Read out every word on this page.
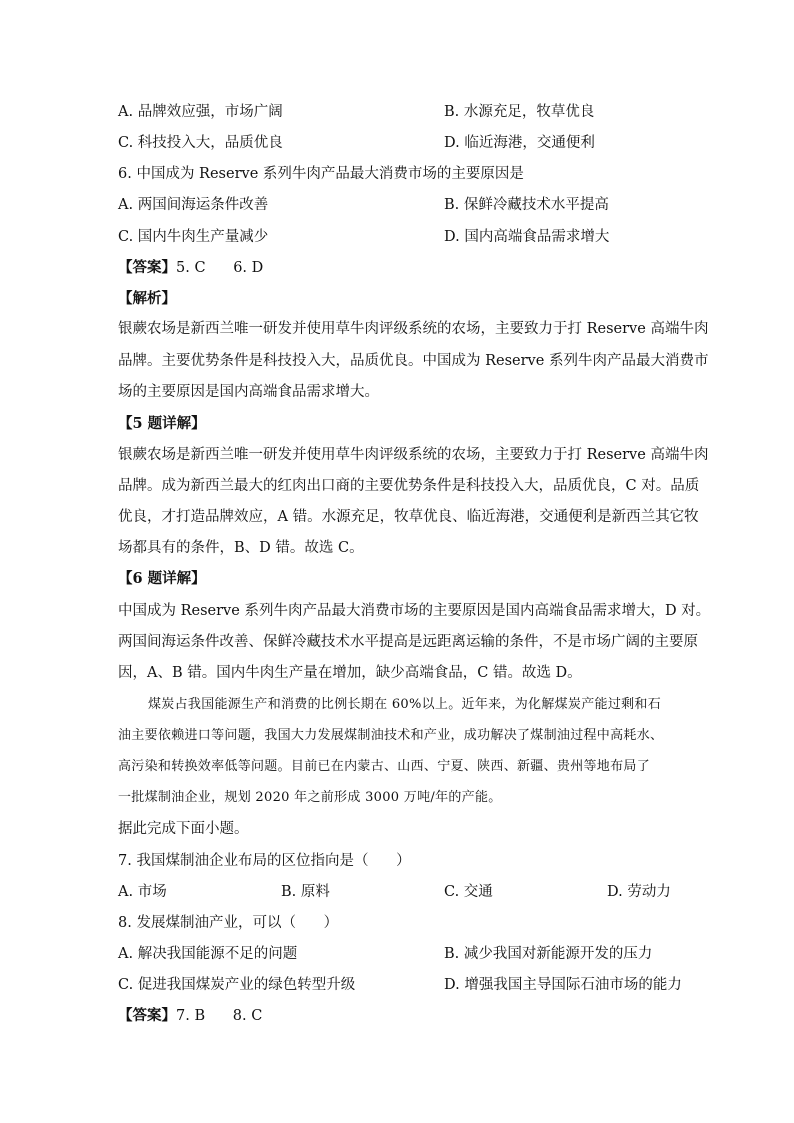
A. 品牌效应强，市场广阔	B. 水源充足，牧草优良
C. 科技投入大，品质优良	D. 临近海港，交通便利
6. 中国成为 Reserve 系列牛肉产品最大消费市场的主要原因是
A. 两国间海运条件改善	B. 保鲜冷藏技术水平提高
C. 国内牛肉生产量减少	D. 国内高端食品需求增大
【答案】5. C      6. D
【解析】
银蕨农场是新西兰唯一研发并使用草牛肉评级系统的农场，主要致力于打 Reserve 高端牛肉
品牌。主要优势条件是科技投入大，品质优良。中国成为 Reserve 系列牛肉产品最大消费市
场的主要原因是国内高端食品需求增大。
【5 题详解】
银蕨农场是新西兰唯一研发并使用草牛肉评级系统的农场，主要致力于打 Reserve 高端牛肉
品牌。成为新西兰最大的红肉出口商的主要优势条件是科技投入大，品质优良，C 对。品质
优良，才打造品牌效应，A 错。水源充足，牧草优良、临近海港，交通便利是新西兰其它牧
场都具有的条件，B、D 错。故选 C。
【6 题详解】
中国成为 Reserve 系列牛肉产品最大消费市场的主要原因是国内高端食品需求增大，D 对。
两国间海运条件改善、保鲜冷藏技术水平提高是远距离运输的条件，不是市场广阔的主要原
因，A、B 错。国内牛肉生产量在增加，缺少高端食品，C 错。故选 D。
煤炭占我国能源生产和消费的比例长期在 60%以上。近年来，为化解煤炭产能过剩和石
油主要依赖进口等问题，我国大力发展煤制油技术和产业，成功解决了煤制油过程中高耗水、
高污染和转换效率低等问题。目前已在内蒙古、山西、宁夏、陕西、新疆、贵州等地布局了
一批煤制油企业，规划 2020 年之前形成 3000 万吨/年的产能。
据此完成下面小题。
7. 我国煤制油企业布局的区位指向是（      ）
A. 市场	B. 原料	C. 交通	D. 劳动力
8. 发展煤制油产业，可以（      ）
A. 解决我国能源不足的问题	B. 减少我国对新能源开发的压力
C. 促进我国煤炭产业的绿色转型升级	D. 增强我国主导国际石油市场的能力
【答案】7. B      8. C
